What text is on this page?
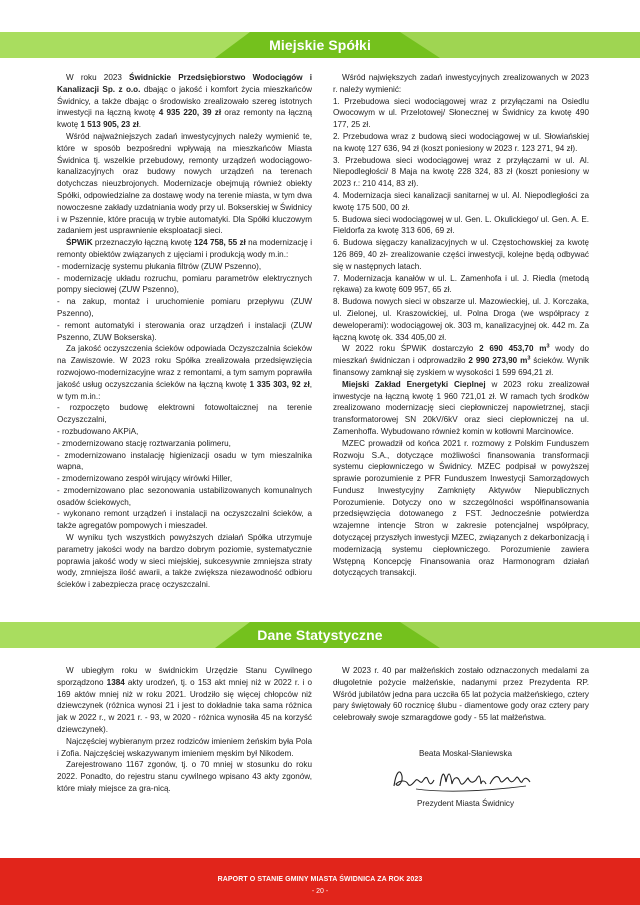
Miejskie Spółki

W roku 2023 Świdnickie Przedsiębiorstwo Wodociągów i Kanalizacji Sp. z o.o. dbając o jakość i komfort życia mieszkańców Świdnicy, a także dbając o środowisko zrealizowało szereg istotnych inwestycji na łączną kwotę 4 935 220, 39 zł oraz remonty na łączną kwotę 1 513 905, 23 zł.

Wśród najważniejszych zadań inwestycyjnych należy wymienić te, które w sposób bezpośredni wpływają na mieszkańców Miasta Świdnica tj. wszelkie przebudowy, remonty urządzeń wodociągowo-kanalizacyjnych oraz budowy nowych urządzeń na terenach dotychczas nieuzbrojonych. Modernizacje obejmują również obiekty Spółki, odpowiedzialne za dostawę wody na terenie miasta, w tym dwa nowoczesne zakłady uzdatniania wody przy ul. Bokserskiej w Świdnicy i w Pszennie, które pracują w trybie automatyki. Dla Spółki kluczowym zadaniem jest usprawnienie eksploatacji sieci.

ŚPWiK przeznaczyło łączną kwotę 124 758, 55 zł na modernizację i remonty obiektów związanych z ujęciami i produkcją wody m.in.:

- modernizację systemu płukania filtrów (ZUW Pszenno),

- modernizację układu rozruchu, pomiaru parametrów elektrycznych pompy sieciowej (ZUW Pszenno),

- na zakup, montaż i uruchomienie pomiaru przepływu (ZUW Pszenno),

- remont automatyki i sterowania oraz urządzeń i instalacji (ZUW Pszenno, ZUW Bokserska).

Za jakość oczyszczenia ścieków odpowiada Oczyszczalnia ścieków na Zawiszowie. W 2023 roku Spółka zrealizowała przedsięwzięcia rozwojowo-modernizacyjne wraz z remontami, a tym samym poprawiła jakość usług oczyszczania ścieków na łączną kwotę 1 335 303, 92 zł, w tym m.in.:

- rozpoczęto budowę elektrowni fotowoltaicznej na terenie Oczyszczalni,

- rozbudowano AKPiA,

- zmodernizowano stację roztwarzania polimeru,

- zmodernizowano instalację higienizacji osadu w tym mieszalnika wapna,

- zmodernizowano zespół wirujący wirówki Hiller,

- zmodernizowano plac sezonowania ustabilizowanych komunalnych osadów ściekowych,

- wykonano remont urządzeń i instalacji na oczyszczalni ścieków, a także agregatów pompowych i mieszadeł.

W wyniku tych wszystkich powyższych działań Spółka utrzymuje parametry jakości wody na bardzo dobrym poziomie, systematycznie poprawia jakość wody w sieci miejskiej, sukcesywnie zmniejsza straty wody, zmniejsza ilość awarii, a także zwiększa niezawodność odbioru ścieków i zabezpiecza pracę oczyszczalni.

Wśród największych zadań inwestycyjnych zrealizowanych w 2023 r. należy wymienić:

1. Przebudowa sieci wodociągowej wraz z przyłączami na Osiedlu Owocowym w ul. Przelotowej/ Słonecznej w Świdnicy za kwotę 490 177, 25 zł.

2. Przebudowa wraz z budową sieci wodociągowej w ul. Słowiańskiej na kwotę 127 636, 94 zł (koszt poniesiony w 2023 r. 123 271, 94 zł).

3. Przebudowa sieci wodociągowej wraz z przyłączami w ul. Al. Niepodległości/ 8 Maja na kwotę 228 324, 83 zł (koszt poniesiony w 2023 r.: 210 414, 83 zł).

4. Modernizacja sieci kanalizacji sanitarnej w ul. Al. Niepodległości za kwotę 175 500, 00 zł.

5. Budowa sieci wodociągowej w ul. Gen. L. Okulickiego/ ul. Gen. A. E. Fieldorfa za kwotę 313 606, 69 zł.

6. Budowa sięgaczy kanalizacyjnych w ul. Częstochowskiej za kwotę 126 869, 40 zł- zrealizowanie części inwestycji, kolejne będą odbywać się w następnych latach.

7. Modernizacja kanałów w ul. L. Zamenhofa i ul. J. Riedla (metodą rękawa) za kwotę 609 957, 65 zł.

8. Budowa nowych sieci w obszarze ul. Mazowieckiej, ul. J. Korczaka, ul. Zielonej, ul. Kraszowickiej, ul. Polna Droga (we współpracy z deweloperami): wodociągowej ok. 303 m, kanalizacyjnej ok. 442 m. Za łączną kwotę ok. 334 405,00 zł.

W 2022 roku ŚPWiK dostarczyło 2 690 453,70 $m^3$ wody do mieszkań świdniczan i odprowadziło 2 990 273,90 $m^3$ ścieków. Wynik finansowy zamknął się zyskiem w wysokości 1 599 694,21 zł.

Miejski Zakład Energetyki Cieplnej w 2023 roku zrealizował inwestycje na łączną kwotę 1 960 721,01 zł. W ramach tych środków zrealizowano modernizację sieci ciepłowniczej napowietrznej, stacji transformatorowej SN 20kV/6kV oraz sieci ciepłowniczej na ul. Zamenhoffa. Wybudowano również komin w kotłowni Marcinowice.

MZEC prowadził od końca 2021 r. rozmowy z Polskim Funduszem Rozwoju S.A., dotyczące możliwości finansowania transformacji systemu ciepłowniczego w Świdnicy. MZEC podpisał w powyższej sprawie porozumienie z PFR Funduszem Inwestycji Samorządowych Fundusz Inwestycyjny Zamknięty Aktywów Niepublicznych Porozumienie. Dotyczy ono w szczególności współfinansowania przedsięwzięcia dotowanego z FST. Jednocześnie potwierdza wzajemne intencje Stron w zakresie potencjalnej współpracy, dotyczącej przyszłych inwestycji MZEC, związanych z dekarbonizacją i modernizacją systemu ciepłowniczego. Porozumienie zawiera Wstępną Koncepcję Finansowania oraz Harmonogram działań dotyczących transakcji.

Dane Statystyczne

W ubiegłym roku w świdnickim Urzędzie Stanu Cywilnego sporządzono 1384 akty urodzeń, tj. o 153 akt mniej niż w 2022 r. i o 169 aktów mniej niż w roku 2021. Urodziło się więcej chłopców niż dziewczynek (różnica wynosi 21 i jest to dokładnie taka sama różnica jak w 2022 r., w 2021 r. - 93, w 2020 - różnica wynosiła 45 na korzyść dziewczynek).

Najczęściej wybieranym przez rodziców imieniem żeńskim była Pola i Zofia. Najczęściej wskazywanym imieniem męskim był Nikodem.

Zarejestrowano 1167 zgonów, tj. o 70 mniej w stosunku do roku 2022. Ponadto, do rejestru stanu cywilnego wpisano 43 akty zgonów, które miały miejsce za gra-nicą.

W 2023 r. 40 par małżeńskich zostało odznaczonych medalami za długoletnie pożycie małżeńskie, nadanymi przez Prezydenta RP. Wśród jubilatów jedna para uczciła 65 lat pożycia małżeńskiego, cztery pary świętowały 60 rocznicę ślubu - diamentowe gody oraz cztery pary celebrowały swoje szmaragdowe gody - 55 lat małżeństwa.

Beata Moskal-Słaniewska

Prezydent Miasta Świdnicy

RAPORT O STANIE GMINY MIASTA ŚWIDNICA ZA ROK 2023
- 20 -
